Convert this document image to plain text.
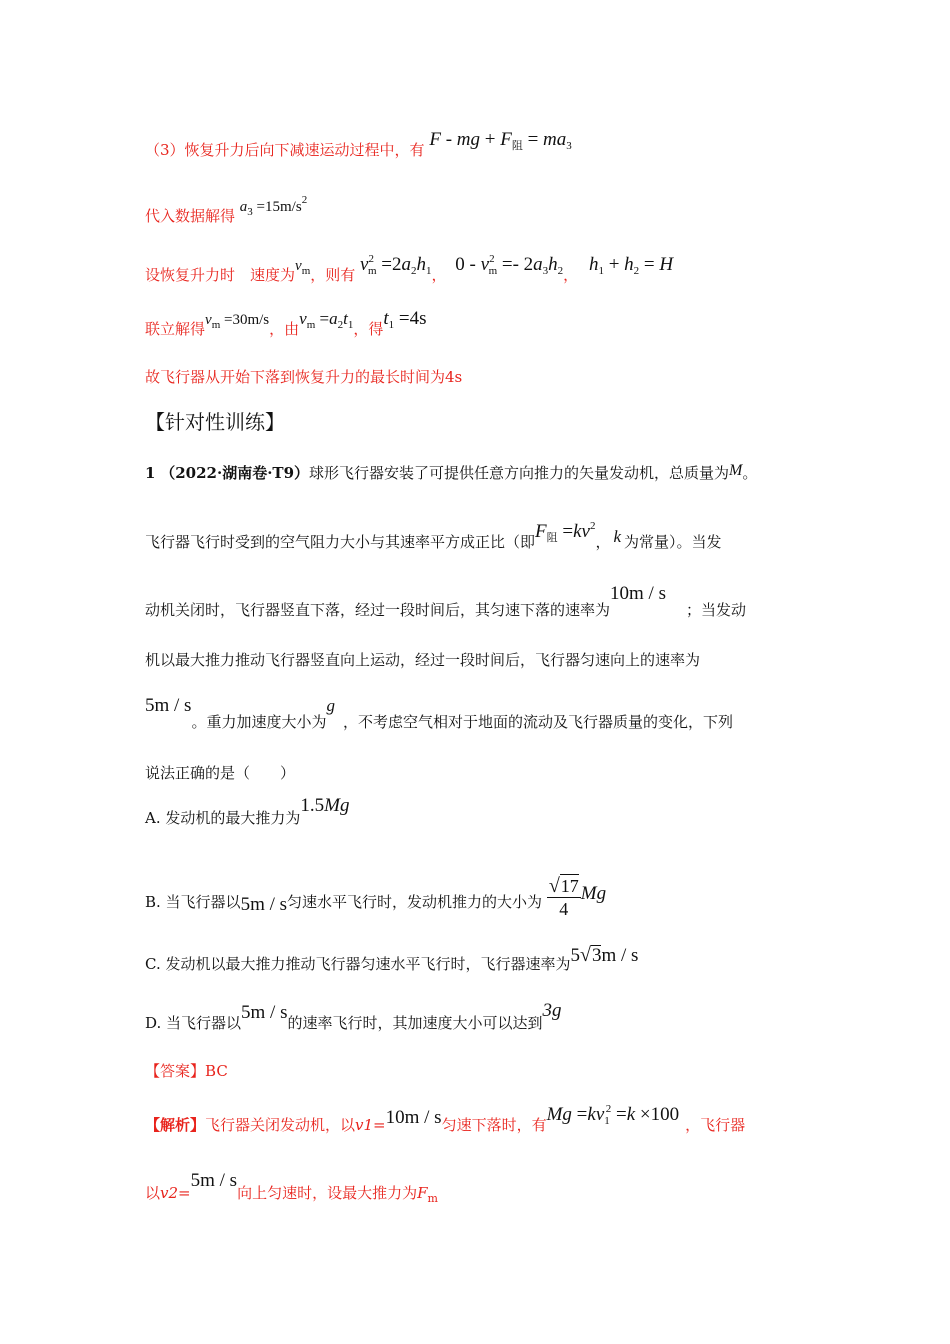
（3）恢复升力后向下减速运动过程中，有 F - mg + $F_阻 = ma_3$
代入数据解得 $a_3 =15m/s^2$
设恢复升力时　速度为$v_m$，则有 $v^2_m =2a_2h_1$， $0 - v^2_m =- 2a_3h_2$， $h_1 + h_2 = H$
联立解得$v_m =30m/s$，由$v_m =a_2t_1$，得$t_1 =4s$
故飞行器从开始下落到恢复升力的最长时间为4s
【针对性训练】
1 （2022·湖南卷·T9）球形飞行器安装了可提供任意方向推力的矢量发动机，总质量为M。
飞行器飞行时受到的空气阻力大小与其速率平方成正比（即$F_阻 =kv^2$， k 为常量）。当发
动机关闭时，飞行器竖直下落，经过一段时间后，其匀速下落的速率为10m / s；当发动
机以最大推力推动飞行器竖直向上运动，经过一段时间后，飞行器匀速向上的速率为
5m / s。重力加速度大小为g，不考虑空气相对于地面的流动及飞行器质量的变化，下列
说法正确的是（　　）
A. 发动机的最大推力为1.5Mg
B. 当飞行器以5m / s匀速水平飞行时，发动机推力的大小为 $\frac{√17}{4}$ Mg
C. 发动机以最大推力推动飞行器匀速水平飞行时，飞行器速率为5√3m / s
D. 当飞行器以5m / s的速率飞行时，其加速度大小可以达到3g
【答案】BC
【解析】飞行器关闭发动机，以v1=10m / s匀速下落时，有$Mg =kv_1^2 =k \times 100$ ，飞行器
以v2=5m / s向上匀速时，设最大推力为$F_m$
